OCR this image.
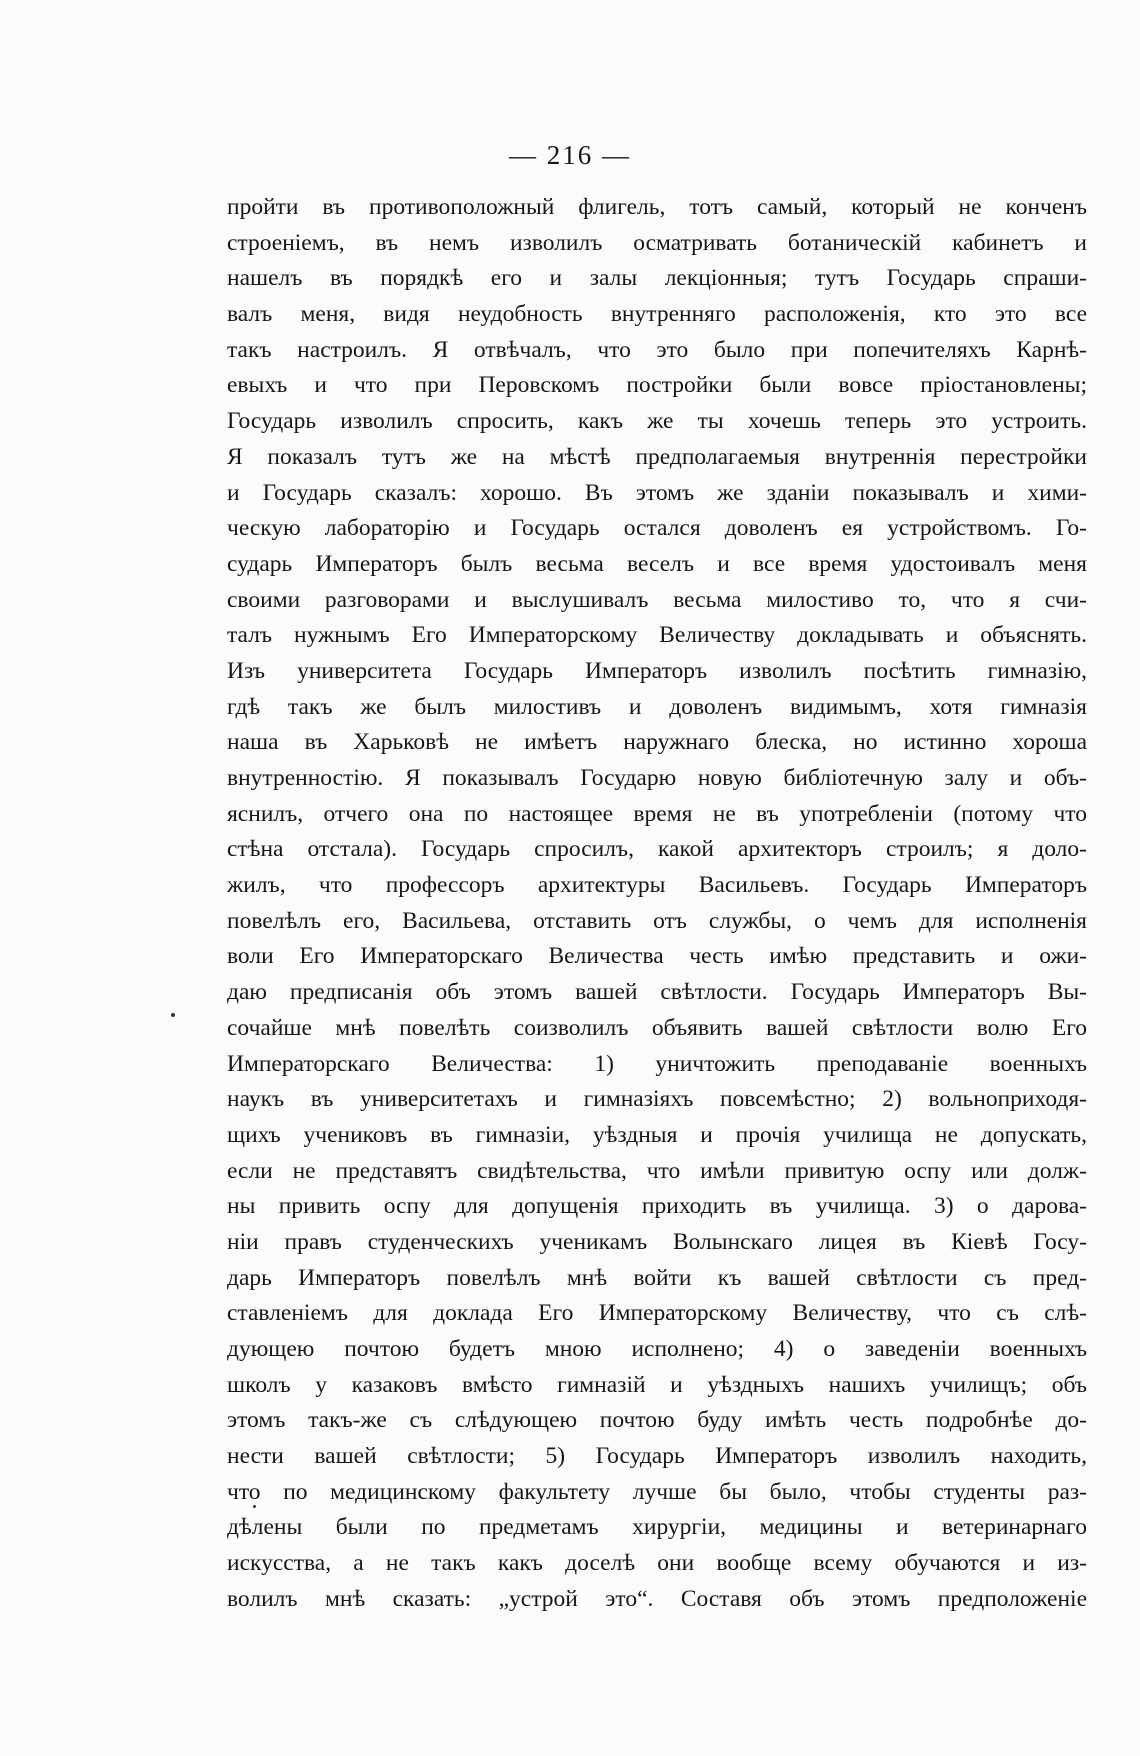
— 216 —
пройти въ противоположный флигель, тотъ самый, который не конченъ
строеніемъ, въ немъ изволилъ осматривать ботаническій кабинетъ и
нашелъ въ порядкѣ его и залы лекціонныя; тутъ Государь спраши-
валъ меня, видя неудобность внутренняго расположенія, кто это все
такъ настроилъ. Я отвѣчалъ, что это было при попечителяхъ Карнѣ-
евыхъ и что при Перовскомъ постройки были вовсе пріостановлены;
Государь изволилъ спросить, какъ же ты хочешь теперь это устроить.
Я показалъ тутъ же на мѣстѣ предполагаемыя внутреннія перестройки
и Государь сказалъ: хорошо. Въ этомъ же зданіи показывалъ и хими-
ческую лабораторію и Государь остался доволенъ ея устройствомъ. Го-
сударь Императоръ былъ весьма веселъ и все время удостоивалъ меня
своими разговорами и выслушивалъ весьма милостиво то, что я счи-
талъ нужнымъ Его Императорскому Величеству докладывать и объяснять.
Изъ университета Государь Императоръ изволилъ посѣтить гимназію,
гдѣ такъ же былъ милостивъ и доволенъ видимымъ, хотя гимназія
наша въ Харьковѣ не имѣетъ наружнаго блеска, но истинно хороша
внутренностію. Я показывалъ Государю новую библіотечную залу и объ-
яснилъ, отчего она по настоящее время не въ употребленіи (потому что
стѣна отстала). Государь спросилъ, какой архитекторъ строилъ; я доло-
жилъ, что профессоръ архитектуры Васильевъ. Государь Императоръ
повелѣлъ его, Васильева, отставить отъ службы, о чемъ для исполненія
воли Его Императорскаго Величества честь имѣю представить и ожи-
даю предписанія объ этомъ вашей свѣтлости. Государь Императоръ Вы-
сочайше мнѣ повелѣть соизволилъ объявить вашей свѣтлости волю Его
Императорскаго Величества: 1) уничтожить преподаваніе военныхъ
наукъ въ университетахъ и гимназіяхъ повсемѣстно; 2) вольноприходя-
щихъ учениковъ въ гимназіи, уѣздныя и прочія училища не допускать,
если не представятъ свидѣтельства, что имѣли привитую оспу или долж-
ны привить оспу для допущенія приходить въ училища. 3) о дарова-
ніи правъ студенческихъ ученикамъ Волынскаго лицея въ Кіевѣ Госу-
дарь Императоръ повелѣлъ мнѣ войти къ вашей свѣтлости съ пред-
ставленіемъ для доклада Его Императорскому Величеству, что съ слѣ-
дующею почтою будетъ мною исполнено; 4) о заведеніи военныхъ
школъ у казаковъ вмѣсто гимназій и уѣздныхъ нашихъ училищъ; объ
этомъ такъ-же съ слѣдующею почтою буду имѣть честь подробнѣе до-
нести вашей свѣтлости; 5) Государь Императоръ изволилъ находить,
что по медицинскому факультету лучше бы было, чтобы студенты раз-
дѣлены были по предметамъ хирургіи, медицины и ветеринарнаго
искусства, а не такъ какъ доселѣ они вообще всему обучаются и из-
волилъ мнѣ сказать: „устрой это“. Составя объ этомъ предположеніе
